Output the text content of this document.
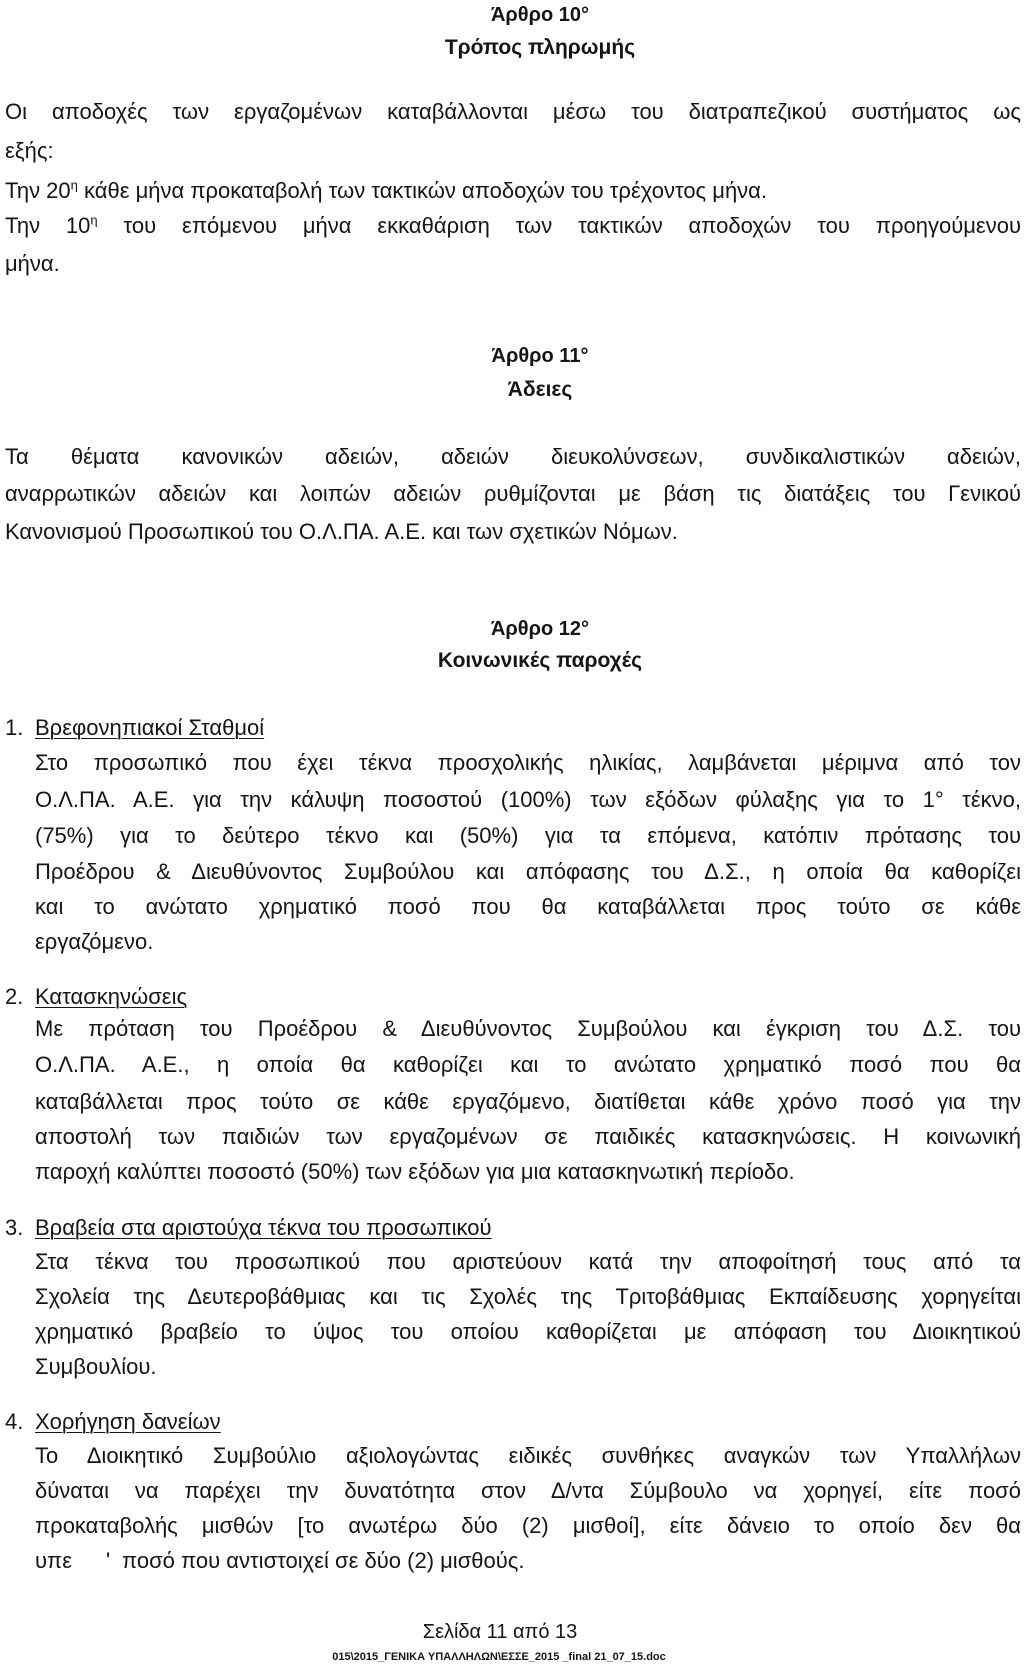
Άρθρο 10°
Τρόπος πληρωμής
Οι αποδοχές των εργαζομένων καταβάλλονται μέσω του διατραπεζικού συστήματος ως
εξής:
Την $20^\eta$ κάθε μήνα προκαταβολή των τακτικών αποδοχών του τρέχοντος μήνα.
Την $10^\eta$ του επόμενου μήνα εκκαθάριση των τακτικών αποδοχών του προηγούμενου
μήνα.
Άρθρο 11°
Άδειες
Τα θέματα κανονικών αδειών, αδειών διευκολύνσεων, συνδικαλιστικών αδειών,
αναρρωτικών αδειών και λοιπών αδειών ρυθμίζονται με βάση τις διατάξεις του Γενικού
Κανονισμού Προσωπικού του Ο.Λ.ΠΑ. Α.Ε. και των σχετικών Νόμων.
Άρθρο 12°
Κοινωνικές παροχές
1. Βρεφονηπιακοί Σταθμοί
Στο προσωπικό που έχει τέκνα προσχολικής ηλικίας, λαμβάνεται μέριμνα από τον
Ο.Λ.ΠΑ. Α.Ε. για την κάλυψη ποσοστού (100%) των εξόδων φύλαξης για το 1° τέκνο,
(75%) για το δεύτερο τέκνο και (50%) για τα επόμενα, κατόπιν πρότασης του
Προέδρου & Διευθύνοντος Συμβούλου και απόφασης του Δ.Σ., η οποία θα καθορίζει
και το ανώτατο χρηματικό ποσό που θα καταβάλλεται προς τούτο σε κάθε
εργαζόμενο.
2. Κατασκηνώσεις
Με πρόταση του Προέδρου & Διευθύνοντος Συμβούλου και έγκριση του Δ.Σ. του
Ο.Λ.ΠΑ. Α.Ε., η οποία θα καθορίζει και το ανώτατο χρηματικό ποσό που θα
καταβάλλεται προς τούτο σε κάθε εργαζόμενο, διατίθεται κάθε χρόνο ποσό για την
αποστολή των παιδιών των εργαζομένων σε παιδικές κατασκηνώσεις. Η κοινωνική
παροχή καλύπτει ποσοστό (50%) των εξόδων για μια κατασκηνωτική περίοδο.
3. Βραβεία στα αριστούχα τέκνα του προσωπικού
Στα τέκνα του προσωπικού που αριστεύουν κατά την αποφοίτησή τους από τα
Σχολεία της Δευτεροβάθμιας και τις Σχολές της Τριτοβάθμιας Εκπαίδευσης χορηγείται
χρηματικό βραβείο το ύψος του οποίου καθορίζεται με απόφαση του Διοικητικού
Συμβουλίου.
4. Χορήγηση δανείων
Το Διοικητικό Συμβούλιο αξιολογώντας ειδικές συνθήκες αναγκών των Υπαλλήλων
δύναται να παρέχει την δυνατότητα στον Δ/ντα Σύμβουλο να χορηγεί, είτε ποσό
προκαταβολής μισθών [το ανωτέρω δύο (2) μισθοί], είτε δάνειο το οποίο δεν θα
υπε ' ποσό που αντιστοιχεί σε δύο (2) μισθούς.
Σελίδα 11 από 13
015\2015_ΓΕΝΙΚΑ ΥΠΑΛΛΗΛΩΝ\ΕΣΣΕ_2015 _final 21_07_15.doc
